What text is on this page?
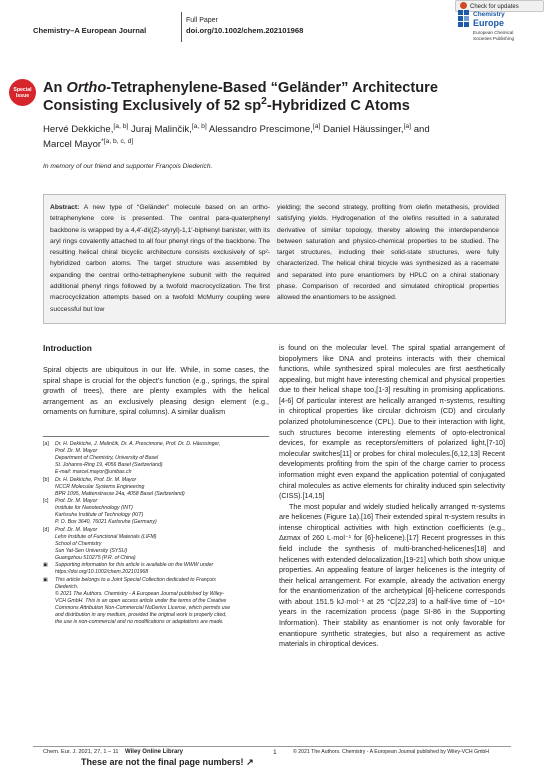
Chemistry–A European Journal
Full Paper
doi.org/10.1002/chem.202101968
Check for updates
Chemistry
Europe
European Chemical
Societies Publishing
Special
Issue An Ortho-Tetraphenylene-Based “Geländer” Architecture
Consisting Exclusively of 52 $sp^2$-Hybridized C Atoms
Hervé Dekkiche,[a, b] Juraj Malinčik,[a, b] Alessandro Prescimone,[a] Daniel Häussinger,[a] and
Marcel Mayor$^{*[a, b, c, d]}$
In memory of our friend and supporter François Diederich.
Abstract: A new type of “Geländer” molecule based on an ortho-tetraphenylene core is presented. The central para-quaterphenyl backbone is wrapped by a 4,4′-di((Z)-styryl)-1,1′-biphenyl banister, with its aryl rings covalently attached to all four phenyl rings of the backbone. The resulting helical chiral bicyclic architecture consists exclusively of sp²-hybridized carbon atoms. The target structure was assembled by expanding the central ortho-tetraphenylene subunit with the required additional phenyl rings followed by a twofold macrocyclization. The first macrocyclization attempts based on a twofold McMurry coupling were successful but low
yielding; the second strategy, profiting from olefin metathesis, provided satisfying yields. Hydrogenation of the olefins resulted in a saturated derivative of similar topology, thereby allowing the interdependence between saturation and physico-chemical properties to be studied. The target structures, including their solid-state structures, were fully characterized. The helical chiral bicycle was synthesized as a racemate and separated into pure enantiomers by HPLC on a chiral stationary phase. Comparison of recorded and simulated chiroptical properties allowed the enantiomers to be assigned.
Introduction
Spiral objects are ubiquitous in our life. While, in some cases, the spiral shape is crucial for the object’s function (e.g., springs, the spiral growth of trees), there are plenty examples with the helical arrangement as an exclusively pleasing design element (e.g., ornaments on furniture, spiral columns). A similar dualism
is found on the molecular level. The spiral spatial arrangement of biopolymers like DNA and proteins interacts with their chemical functions, while synthesized spiral molecules are first aesthetically appealing, but might have interesting chemical and physical properties due to their helical shape too,[1-3] resulting in promising applications.[4-6] Of particular interest are helically arranged π-systems, resulting in chiroptical properties like circular dichroism (CD) and circularly polarized photoluminescence (CPL). Due to their interaction with light, such structures become interesting elements of opto-electronical devices, for example as receptors/emitters of polarized light,[7-10] molecular switches[11] or probes for chiral molecules.[6,12,13] Recent developments profiting from the spin of the charge carrier to process information might even expand the application potential of conjugated chiral molecules as active elements for chirality induced spin selectivity (CISS).[14,15]
The most popular and widely studied helically arranged π-systems are helicenes (Figure 1a).[16] Their extended spiral π-system results in intense chiroptical activities with high extinction coefficients (e.g., Δεmax of 260 L·mol⁻¹ for [6]-helicene).[17] Recent progresses in this field include the synthesis of multi-branched-helicenes[18] and helicenes with extended delocalization,[19-21] which both show unique properties. An appealing feature of larger helicenes is the integrity of their helical arrangement. For example, already the activation energy for the enantiomerization of the archetypical [6]-helicene corresponds with about 151.5 kJ·mol⁻¹ at 25 °C[22,23] to a half-live time of ~10⁴ years in the racemization process (page SI-86 in the Supporting Information). Their stability as enantiomer is not only favorable for enantiopure synthetic strategies, but also a requirement as active materials in chiroptical devices.
[a]	Dr. H. Dekkiche, J. Malinčik, Dr. A. Prescimone, Prof. Dr. D. Häussinger,
Prof. Dr. M. Mayor
Department of Chemistry, University of Basel
St. Johanns-Ring 19, 4056 Basel (Switzerland)
E-mail: marcel.mayor@unibas.ch
[b]	Dr. H. Dekkiche, Prof. Dr. M. Mayor
NCCR Molecular Systems Engineering
BPR 1095, Mattenstrasse 24a, 4058 Basel (Switzerland)
[c]	Prof. Dr. M. Mayor
Institute for Nanotechnology (INT)
Karlsruhe Institute of Technology (KIT)
P. O. Box 3640, 76021 Karlsruhe (Germany)
[d]	Prof. Dr. M. Mayor
Lehn Institute of Functional Materials (LIFM)
School of Chemistry
Sun Yat-Sen University (SYSU)
Guangzhou 510275 (P.R. of China)
▣	Supporting information for this article is available on the WWW under
https://doi.org/10.1002/chem.202101968
▣	This article belongs to a Joint Special Collection dedicated to François
Diederich.
© 2021 The Authors. Chemistry - A European Journal published by Wiley-
VCH GmbH. This is an open access article under the terms of the Creative
Commons Attribution Non-Commercial NoDerivs License, which permits use
and distribution in any medium, provided the original work is properly cited,
the use is non-commercial and no modifications or adaptations are made.
Chem. Eur. J. 2021, 27, 1 – 11 Wiley Online Library	1	© 2021 The Authors. Chemistry - A European Journal published by Wiley-VCH GmbH
These are not the final page numbers! ↗
